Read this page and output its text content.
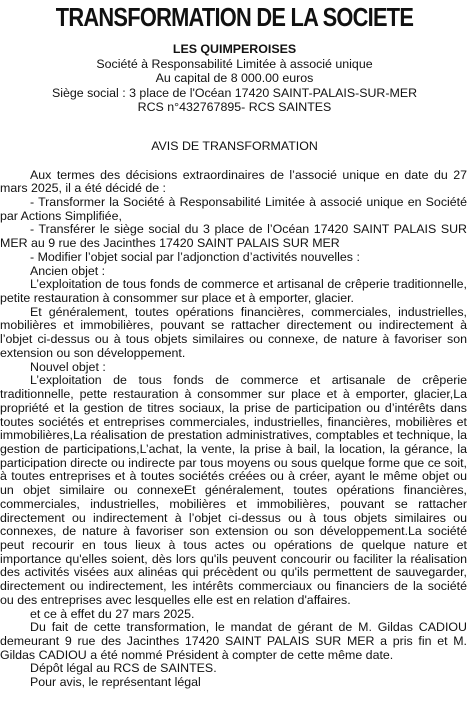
TRANSFORMATION DE LA SOCIETE
LES QUIMPEROISES
Société à Responsabilité Limitée à associé unique
Au capital de 8 000.00 euros
Siège social : 3 place de l'Océan 17420 SAINT-PALAIS-SUR-MER
RCS n°432767895- RCS SAINTES
AVIS DE TRANSFORMATION

Aux termes des décisions extraordinaires de l’associé unique en date du 27 mars 2025, il a été décidé de :

- Transformer la Société à Responsabilité Limitée à associé unique en Société par Actions Simplifiée,

- Transférer le siège social du 3 place de l’Océan 17420 SAINT PALAIS SUR MER au 9 rue des Jacinthes 17420 SAINT PALAIS SUR MER

- Modifier l’objet social par l’adjonction d’activités nouvelles :

Ancien objet :

L’exploitation de tous fonds de commerce et artisanal de crêperie traditionnelle, petite restauration à consommer sur place et à emporter, glacier.

Et généralement, toutes opérations financières, commerciales, industrielles, mobilières et immobilières, pouvant se rattacher directement ou indirectement à l’objet ci-dessus ou à tous objets similaires ou connexe, de nature à favoriser son extension ou son développement.

Nouvel objet :

L’exploitation de tous fonds de commerce et artisanale de crêperie traditionnelle, pette restauration à consommer sur place et à emporter, glacier,La propriété et la gestion de titres sociaux, la prise de participation ou d’intérêts dans toutes sociétés et entreprises commerciales, industrielles, financières, mobilières et immobilières,La réalisation de prestation administratives, comptables et technique, la gestion de participations,L’achat, la vente, la prise à bail, la location, la gérance, la participation directe ou indirecte par tous moyens ou sous quelque forme que ce soit, à toutes entreprises et à toutes sociétés créées ou à créer, ayant le même objet ou un objet similaire ou connexeEt généralement, toutes opérations financières, commerciales, industrielles, mobilières et immobilières, pouvant se rattacher directement ou indirectement à l’objet ci-dessus ou à tous objets similaires ou connexes, de nature à favoriser son extension ou son développement.La société peut recourir en tous lieux à tous actes ou opérations de quelque nature et importance qu'elles soient, dès lors qu'ils peuvent concourir ou faciliter la réalisation des activités visées aux alinéas qui précèdent ou qu'ils permettent de sauvegarder, directement ou indirectement, les intérêts commerciaux ou financiers de la société ou des entreprises avec lesquelles elle est en relation d'affaires.

et ce à effet du 27 mars 2025.

Du fait de cette transformation, le mandat de gérant de M. Gildas CADIOU demeurant 9 rue des Jacinthes 17420 SAINT PALAIS SUR MER a pris fin et M. Gildas CADIOU a été nommé Président à compter de cette même date.

Dépôt légal au RCS de SAINTES.

Pour avis, le représentant légal
